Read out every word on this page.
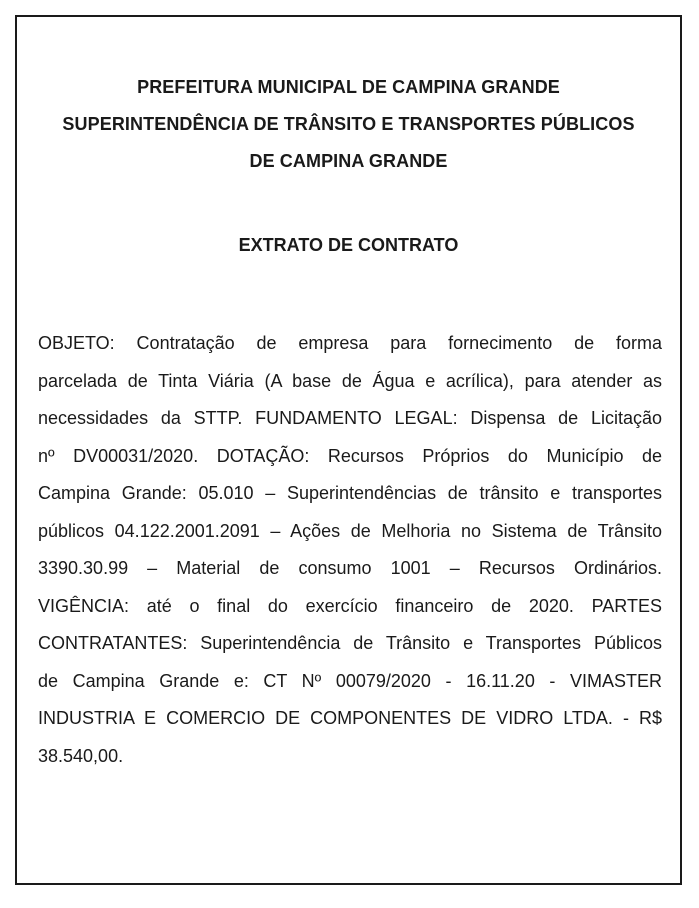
PREFEITURA MUNICIPAL DE CAMPINA GRANDE
SUPERINTENDÊNCIA DE TRÂNSITO E TRANSPORTES PÚBLICOS
DE CAMPINA GRANDE
EXTRATO DE CONTRATO
OBJETO: Contratação de empresa para fornecimento de forma
parcelada de Tinta Viária (A base de Água e acrílica), para atender as
necessidades da STTP. FUNDAMENTO LEGAL: Dispensa de Licitação
nº DV00031/2020. DOTAÇÃO: Recursos Próprios do Município de
Campina Grande: 05.010 – Superintendências de trânsito e transportes
públicos 04.122.2001.2091 – Ações de Melhoria no Sistema de Trânsito
3390.30.99 – Material de consumo 1001 – Recursos Ordinários.
VIGÊNCIA: até o final do exercício financeiro de 2020. PARTES
CONTRATANTES: Superintendência de Trânsito e Transportes Públicos
de Campina Grande e: CT Nº 00079/2020 - 16.11.20 - VIMASTER
INDUSTRIA E COMERCIO DE COMPONENTES DE VIDRO LTDA. - R$
38.540,00.
